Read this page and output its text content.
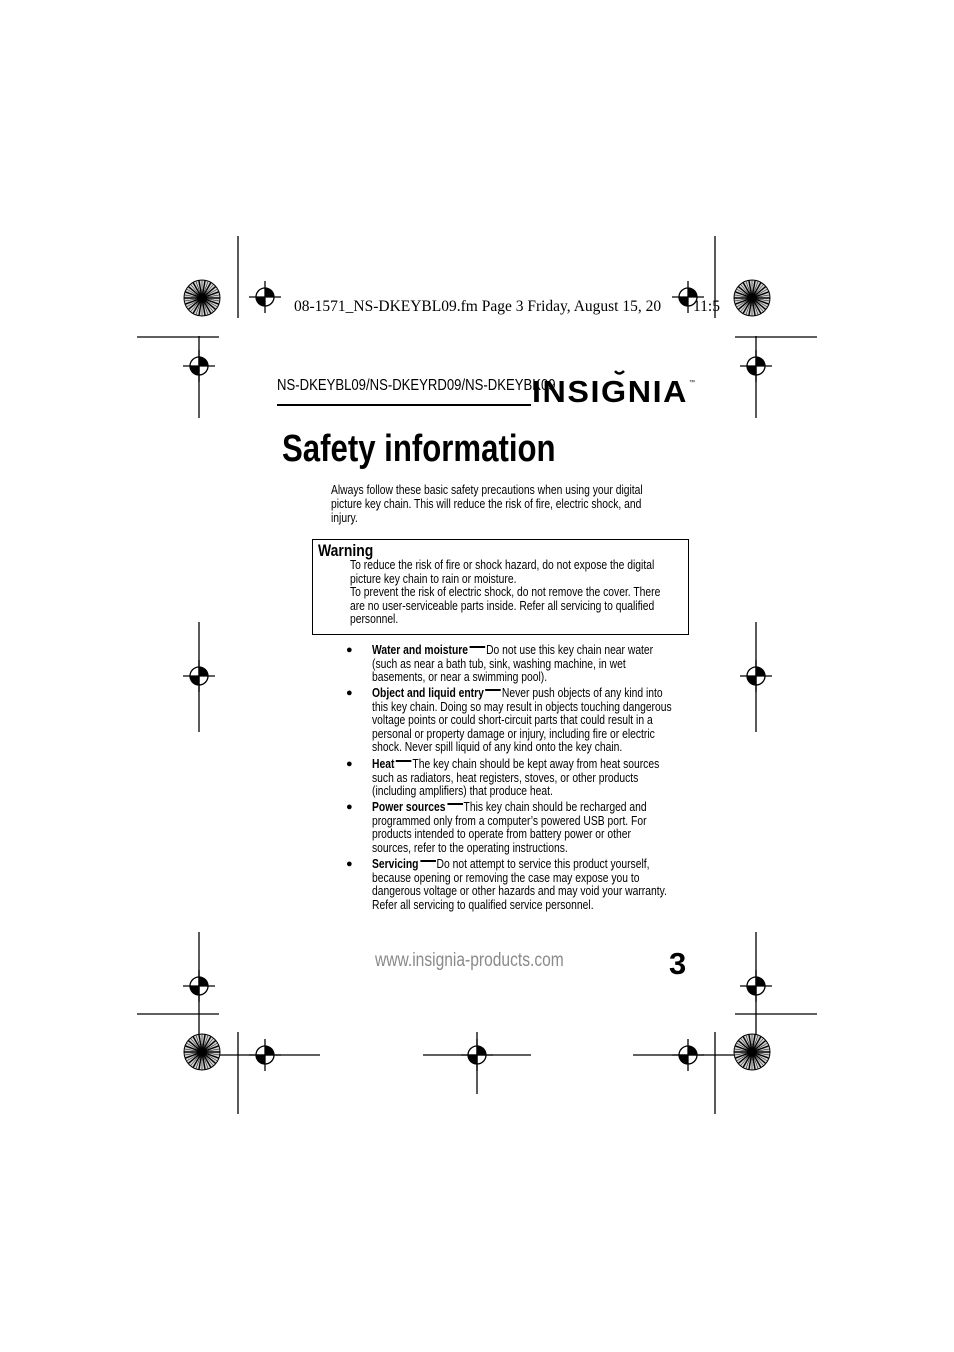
08-1571_NS-DKEYBL09.fm Page 3 Friday, August 15, 20 11:5
NS-DKEYBL09/NS-DKEYRD09/NS-DKEYBK09
INSIGNIA ™
Safety information
Always follow these basic safety precautions when using your digital
picture key chain. This will reduce the risk of fire, electric shock, and
injury.
Warning
To reduce the risk of fire or shock hazard, do not expose the digital
picture key chain to rain or moisture.
To prevent the risk of electric shock, do not remove the cover. There
are no user-serviceable parts inside. Refer all servicing to qualified
personnel.
● Water and moisture Do not use this key chain near water
(such as near a bath tub, sink, washing machine, in wet
basements, or near a swimming pool).
● Object and liquid entry Never push objects of any kind into
this key chain. Doing so may result in objects touching dangerous
voltage points or could short-circuit parts that could result in a
personal or property damage or injury, including fire or electric
shock. Never spill liquid of any kind onto the key chain.
● Heat The key chain should be kept away from heat sources
such as radiators, heat registers, stoves, or other products
(including amplifiers) that produce heat.
● Power sources This key chain should be recharged and
programmed only from a computer’s powered USB port. For
products intended to operate from battery power or other
sources, refer to the operating instructions.
● Servicing Do not attempt to service this product yourself,
because opening or removing the case may expose you to
dangerous voltage or other hazards and may void your warranty.
Refer all servicing to qualified service personnel.
www.insignia-products.com	3
